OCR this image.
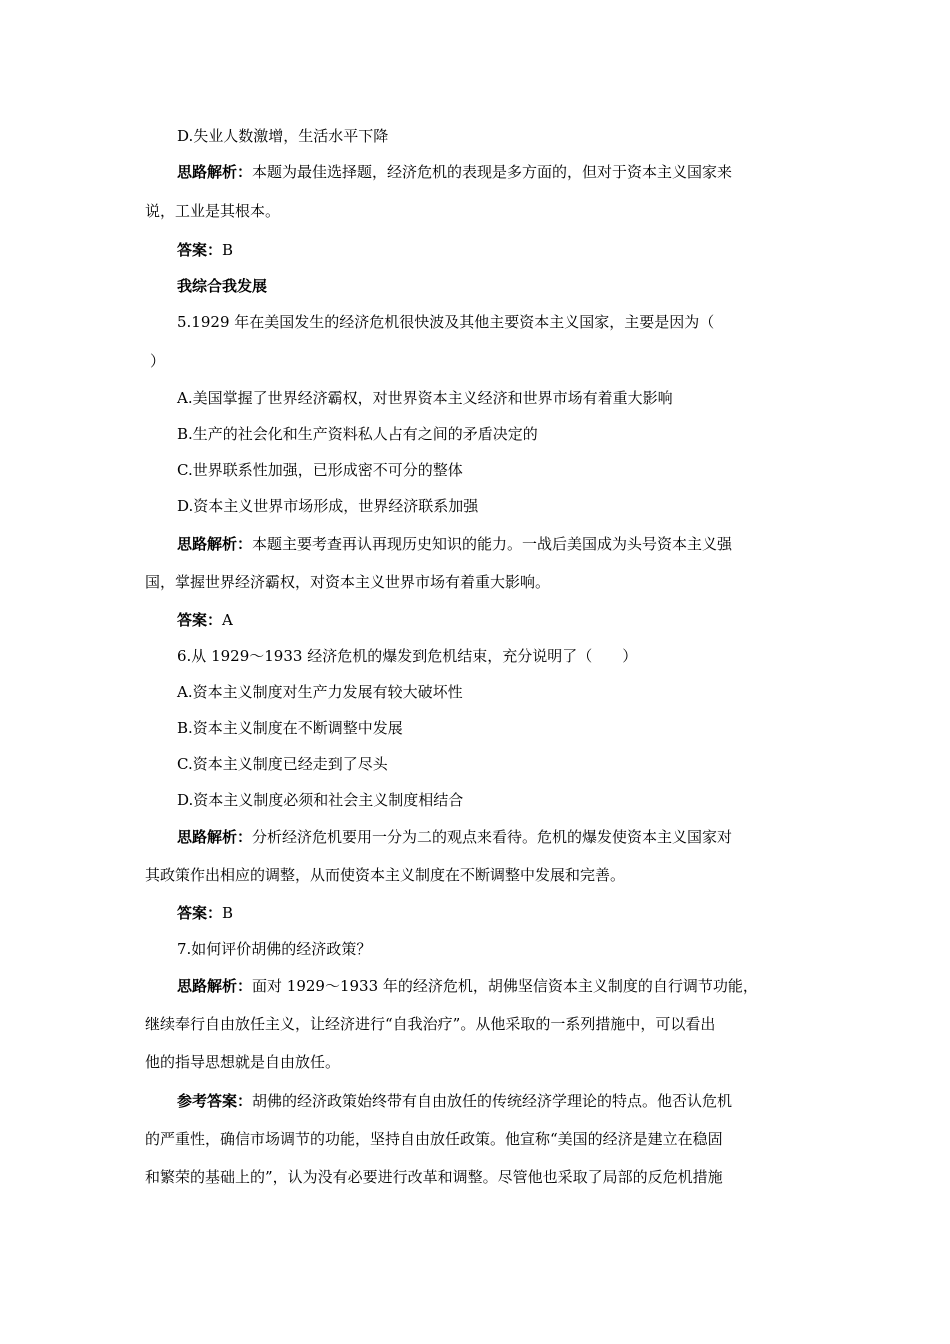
D.失业人数激增，生活水平下降
思路解析：本题为最佳选择题，经济危机的表现是多方面的，但对于资本主义国家来
说，工业是其根本。
答案：B
我综合我发展
5.1929 年在美国发生的经济危机很快波及其他主要资本主义国家，主要是因为（
）
A.美国掌握了世界经济霸权，对世界资本主义经济和世界市场有着重大影响
B.生产的社会化和生产资料私人占有之间的矛盾决定的
C.世界联系性加强，已形成密不可分的整体
D.资本主义世界市场形成，世界经济联系加强
思路解析：本题主要考查再认再现历史知识的能力。一战后美国成为头号资本主义强
国，掌握世界经济霸权，对资本主义世界市场有着重大影响。
答案：A
6.从 1929～1933 经济危机的爆发到危机结束，充分说明了（　　）
A.资本主义制度对生产力发展有较大破坏性
B.资本主义制度在不断调整中发展
C.资本主义制度已经走到了尽头
D.资本主义制度必须和社会主义制度相结合
思路解析：分析经济危机要用一分为二的观点来看待。危机的爆发使资本主义国家对
其政策作出相应的调整，从而使资本主义制度在不断调整中发展和完善。
答案：B
7.如何评价胡佛的经济政策？
思路解析：面对 1929～1933 年的经济危机，胡佛坚信资本主义制度的自行调节功能，
继续奉行自由放任主义，让经济进行“自我治疗”。从他采取的一系列措施中，可以看出
他的指导思想就是自由放任。
参考答案：胡佛的经济政策始终带有自由放任的传统经济学理论的特点。他否认危机
的严重性，确信市场调节的功能，坚持自由放任政策。他宣称“美国的经济是建立在稳固
和繁荣的基础上的”，认为没有必要进行改革和调整。尽管他也采取了局部的反危机措施
